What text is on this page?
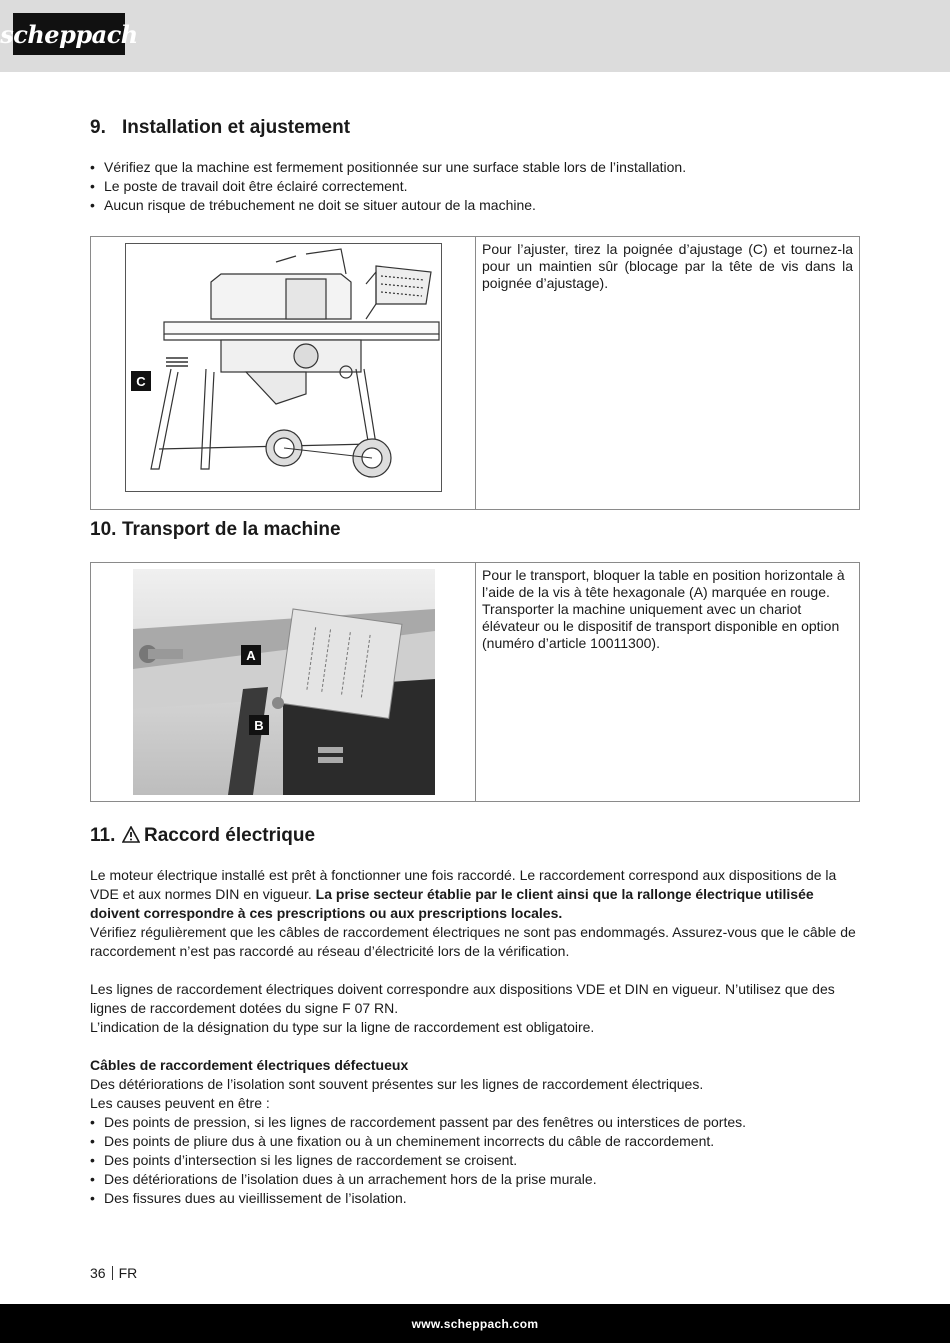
scheppach
9. Installation et ajustement
• Vérifiez que la machine est fermement positionnée sur une surface stable lors de l’installation.
• Le poste de travail doit être éclairé correctement.
• Aucun risque de trébuchement ne doit se situer autour de la machine.
C
Pour l’ajuster, tirez la poignée d’ajustage (C) et tournez-la pour un maintien sûr (blocage par la tête de vis dans la poignée d’ajustage).
10. Transport de la machine
A
B
Pour le transport, bloquer la table en position horizontale à l’aide de la vis à tête hexagonale (A) marquée en rouge. Transporter la machine uniquement avec un chariot élévateur ou le dispositif de transport disponible en option (numéro d’article 10011300).
11. Raccord électrique

Le moteur électrique installé est prêt à fonctionner une fois raccordé. Le raccordement correspond aux dispositions de la VDE et aux normes DIN en vigueur. La prise secteur établie par le client ainsi que la rallonge électrique utilisée doivent correspondre à ces prescriptions ou aux prescriptions locales.

Vérifiez régulièrement que les câbles de raccordement électriques ne sont pas endommagés. Assurez-vous que le câble de raccordement n’est pas raccordé au réseau d’électricité lors de la vérification.

Les lignes de raccordement électriques doivent correspondre aux dispositions VDE et DIN en vigueur. N’utilisez que des lignes de raccordement dotées du signe F 07 RN.

L’indication de la désignation du type sur la ligne de raccordement est obligatoire.

Câbles de raccordement électriques défectueux

Des détériorations de l’isolation sont souvent présentes sur les lignes de raccordement électriques.

Les causes peuvent en être :

• Des points de pression, si les lignes de raccordement passent par des fenêtres ou interstices de portes.
• Des points de pliure dus à une fixation ou à un cheminement incorrects du câble de raccordement.
• Des points d’intersection si les lignes de raccordement se croisent.
• Des détériorations de l’isolation dues à un arrachement hors de la prise murale.
• Des fissures dues au vieillissement de l’isolation.
36 FR
www.scheppach.com
